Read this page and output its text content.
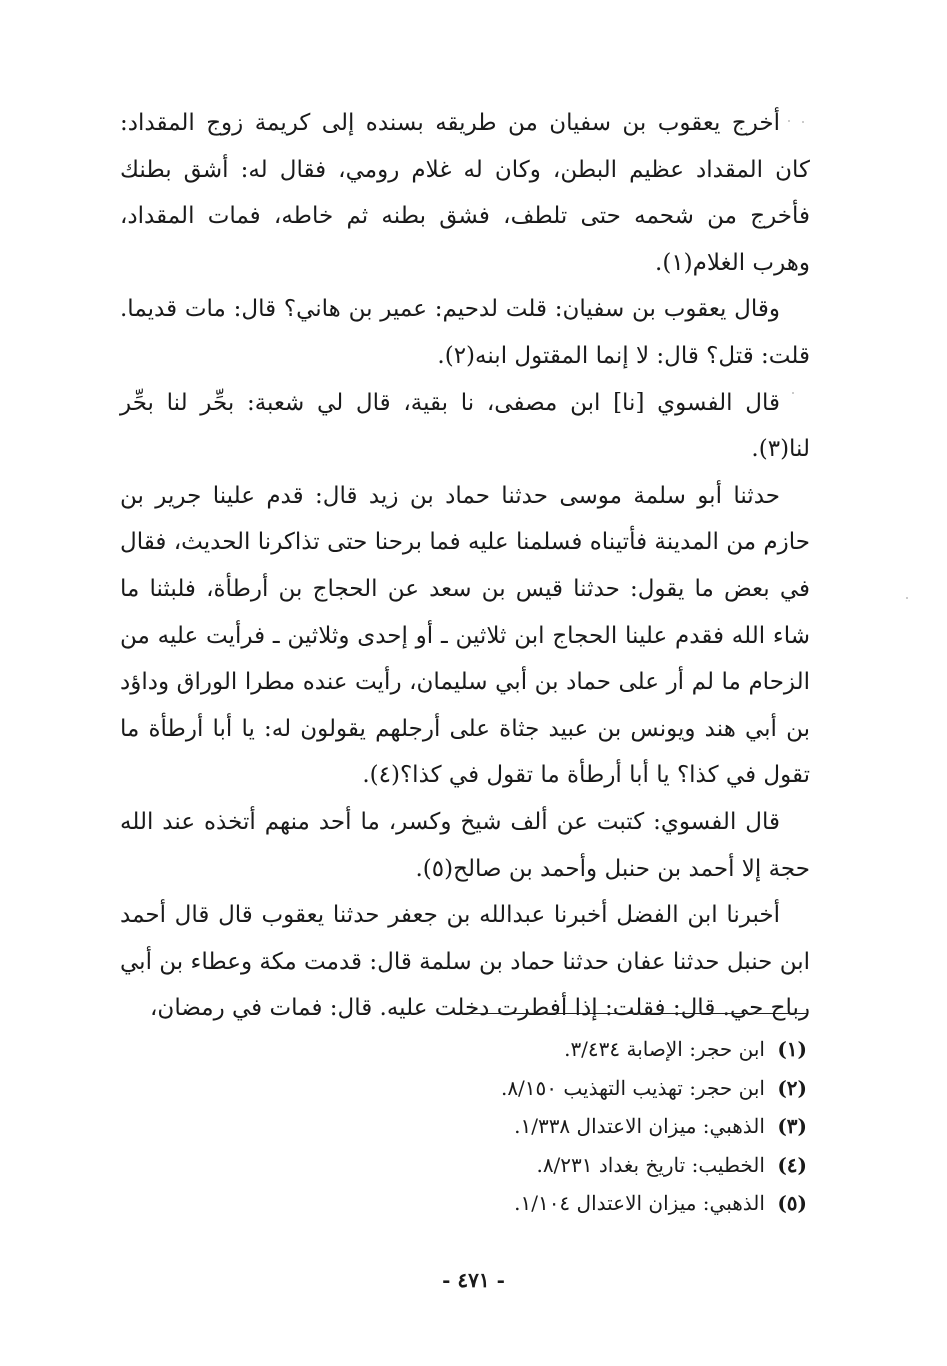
أخرج يعقوب بن سفيان من طريقه بسنده إلى كريمة زوج المقداد: كان المقداد عظيم البطن، وكان له غلام رومي، فقال له: أشق بطنك فأخرج من شحمه حتى تلطف، فشق بطنه ثم خاطه، فمات المقداد، وهرب الغلام(١).

وقال يعقوب بن سفيان: قلت لدحيم: عمير بن هاني؟ قال: مات قديما. قلت: قتل؟ قال: لا إنما المقتول ابنه(٢).

قال الفسوي [نا] ابن مصفى، نا بقية، قال لي شعبة: بحِّر لنا بحِّر لنا(٣).

حدثنا أبو سلمة موسى حدثنا حماد بن زيد قال: قدم علينا جرير بن حازم من المدينة فأتيناه فسلمنا عليه فما برحنا حتى تذاكرنا الحديث، فقال في بعض ما يقول: حدثنا قيس بن سعد عن الحجاج بن أرطأة، فلبثنا ما شاء الله فقدم علينا الحجاج ابن ثلاثين ـ أو إحدى وثلاثين ـ فرأيت عليه من الزحام ما لم أر على حماد بن أبي سليمان، رأيت عنده مطرا الوراق وداؤد بن أبي هند ويونس بن عبيد جثاة على أرجلهم يقولون له: يا أبا أرطأة ما تقول في كذا؟ يا أبا أرطأة ما تقول في كذا؟(٤).

قال الفسوي: كتبت عن ألف شيخ وكسر، ما أحد منهم أتخذه عند الله حجة إلا أحمد بن حنبل وأحمد بن صالح(٥).

أخبرنا ابن الفضل أخبرنا عبدالله بن جعفر حدثنا يعقوب قال قال أحمد ابن حنبل حدثنا عفان حدثنا حماد بن سلمة قال: قدمت مكة وعطاء بن أبي رباح حي. قال: فقلت: إذا أفطرت دخلت عليه. قال: فمات في رمضان،

(١) ابن حجر: الإصابة ٣/٤٣٤.
(٢) ابن حجر: تهذيب التهذيب ٨/١٥٠.
(٣) الذهبي: ميزان الاعتدال ١/٣٣٨.
(٤) الخطيب: تاريخ بغداد ٨/٢٣١.
(٥) الذهبي: ميزان الاعتدال ١/١٠٤.
- ٤٧١ -
